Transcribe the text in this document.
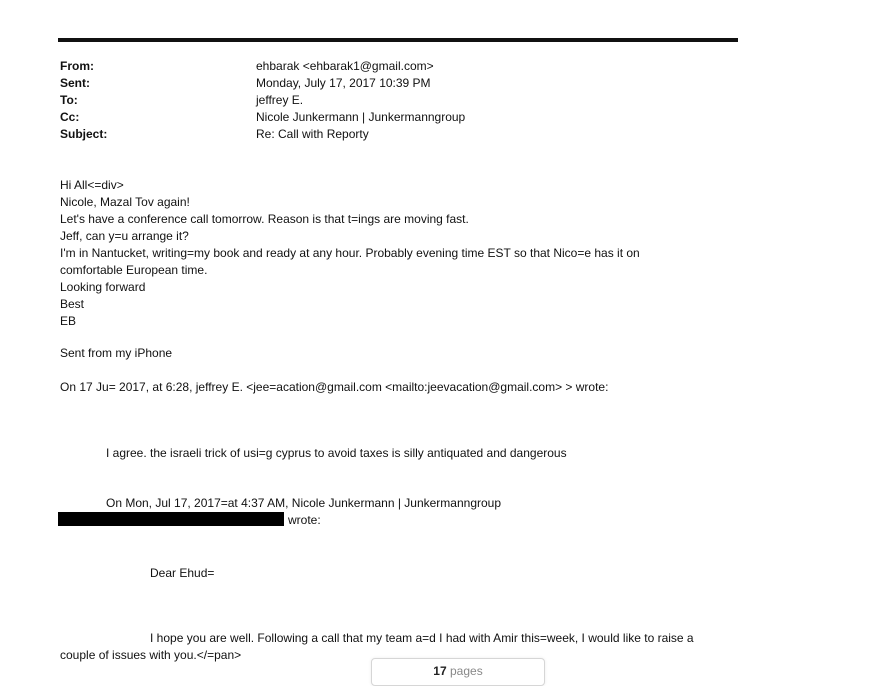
From:	ehbarak <ehbarak1@gmail.com>
Sent:	Monday, July 17, 2017 10:39 PM
To:	jeffrey E.
Cc:	Nicole Junkermann | Junkermanngroup
Subject:	Re: Call with Reporty
Hi All<=div>
Nicole, Mazal Tov again!
Let's have a conference call tomorrow. Reason is that t=ings are moving fast.
Jeff, can y=u arrange it?
I'm in Nantucket, writing=my book and ready at any hour. Probably evening time EST so that Nico=e has it on
comfortable European time.
Looking forward
Best
EB
Sent from my iPhone
On 17 Ju= 2017, at 6:28, jeffrey E. <jee=acation@gmail.com <mailto:jeevacation@gmail.com> > wrote:
I agree. the israeli trick of usi=g cyprus to avoid taxes is silly antiquated and dangerous
On Mon, Jul 17, 2017=at 4:37 AM, Nicole Junkermann | Junkermanngroup
wrote:
Dear Ehud=
I hope you are well. Following a call that my team a=d I had with Amir this=week, I would like to raise a
couple of issues with you.</=pan>
17 pages
